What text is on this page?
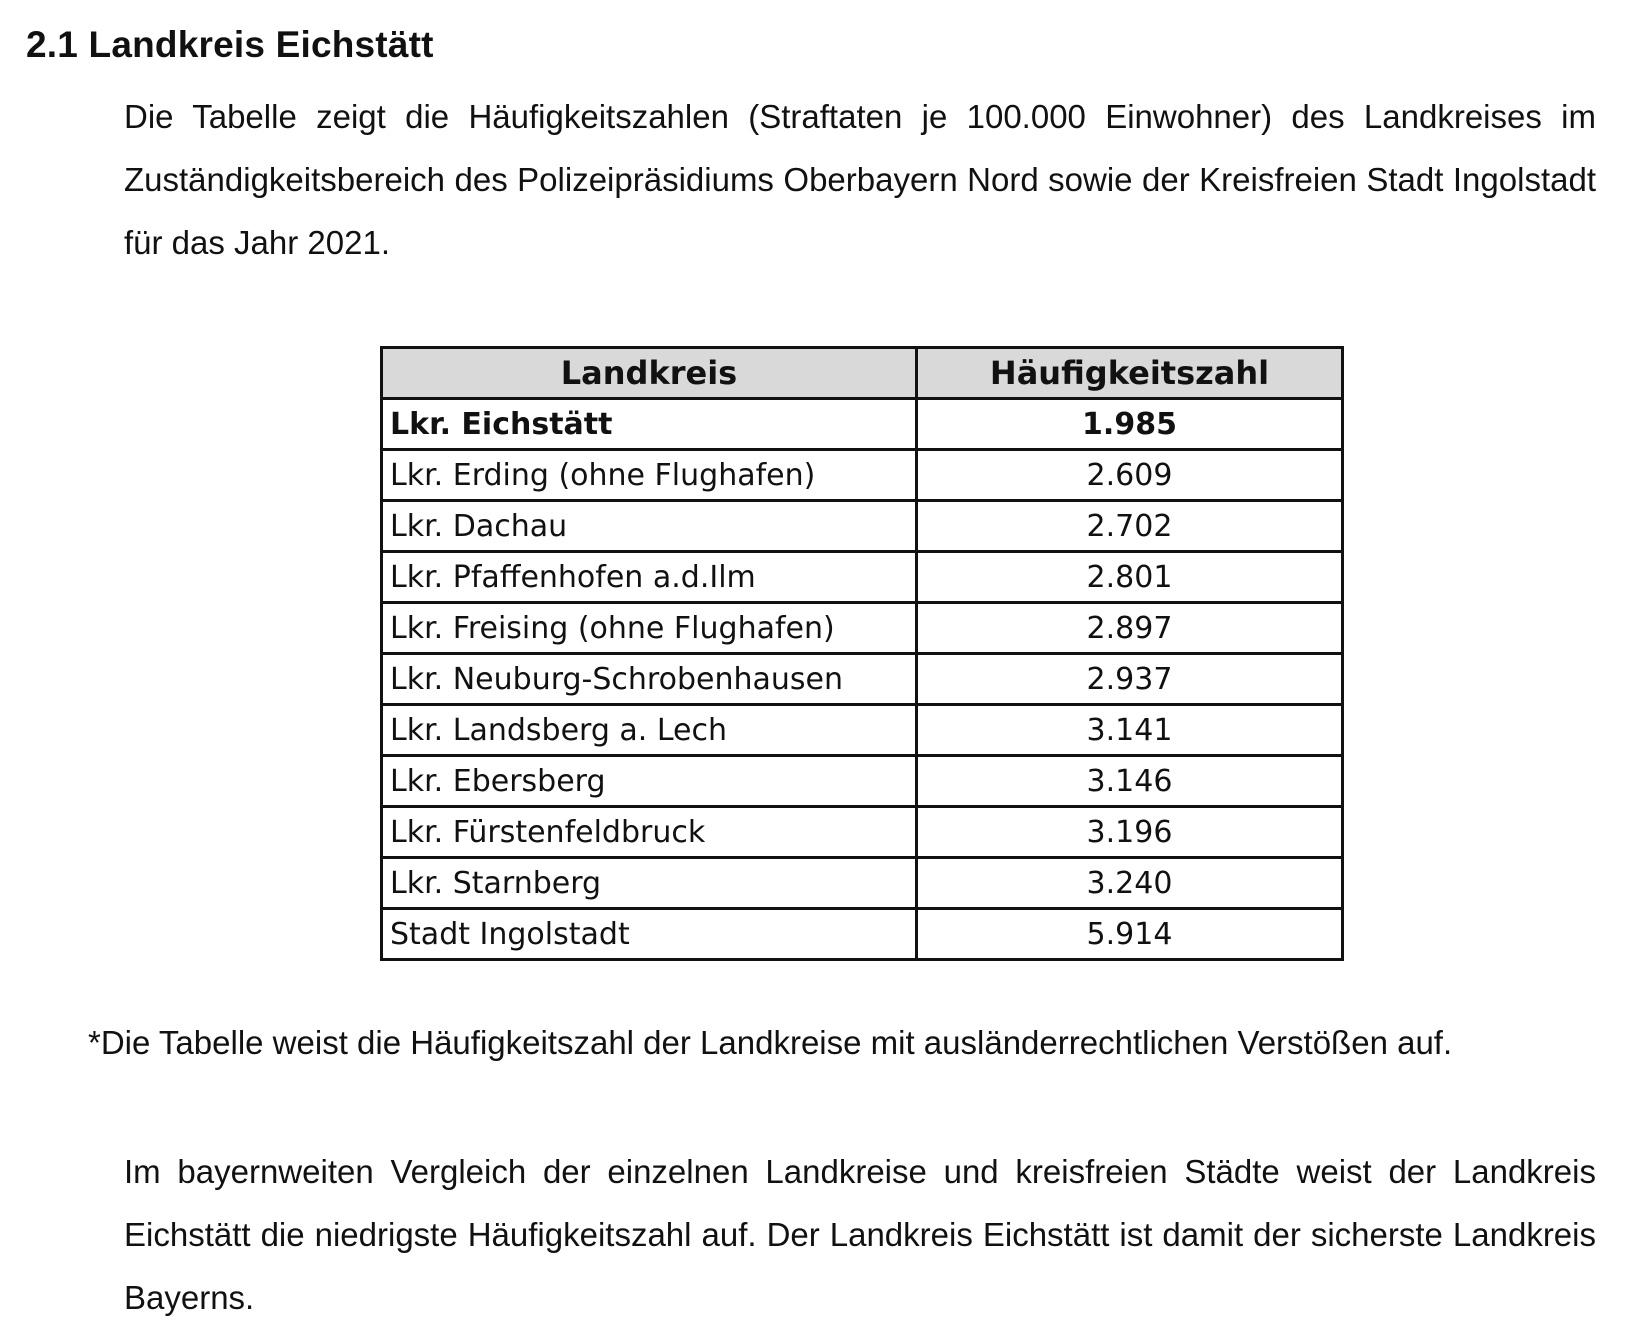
2.1 Landkreis Eichstätt

Die Tabelle zeigt die Häufigkeitszahlen (Straftaten je 100.000 Einwohner) des Landkreises im Zuständigkeitsbereich des Polizeipräsidiums Oberbayern Nord sowie der Kreisfreien Stadt Ingolstadt für das Jahr 2021.

Landkreis	Häufigkeitszahl
Lkr. Eichstätt	1.985
Lkr. Erding (ohne Flughafen)	2.609
Lkr. Dachau	2.702
Lkr. Pfaffenhofen a.d.Ilm	2.801
Lkr. Freising (ohne Flughafen)	2.897
Lkr. Neuburg-Schrobenhausen	2.937
Lkr. Landsberg a. Lech	3.141
Lkr. Ebersberg	3.146
Lkr. Fürstenfeldbruck	3.196
Lkr. Starnberg	3.240
Stadt Ingolstadt	5.914

*Die Tabelle weist die Häufigkeitszahl der Landkreise mit ausländerrechtlichen Verstößen auf.

Im bayernweiten Vergleich der einzelnen Landkreise und kreisfreien Städte weist der Landkreis Eichstätt die niedrigste Häufigkeitszahl auf. Der Landkreis Eichstätt ist damit der sicherste Landkreis Bayerns.
